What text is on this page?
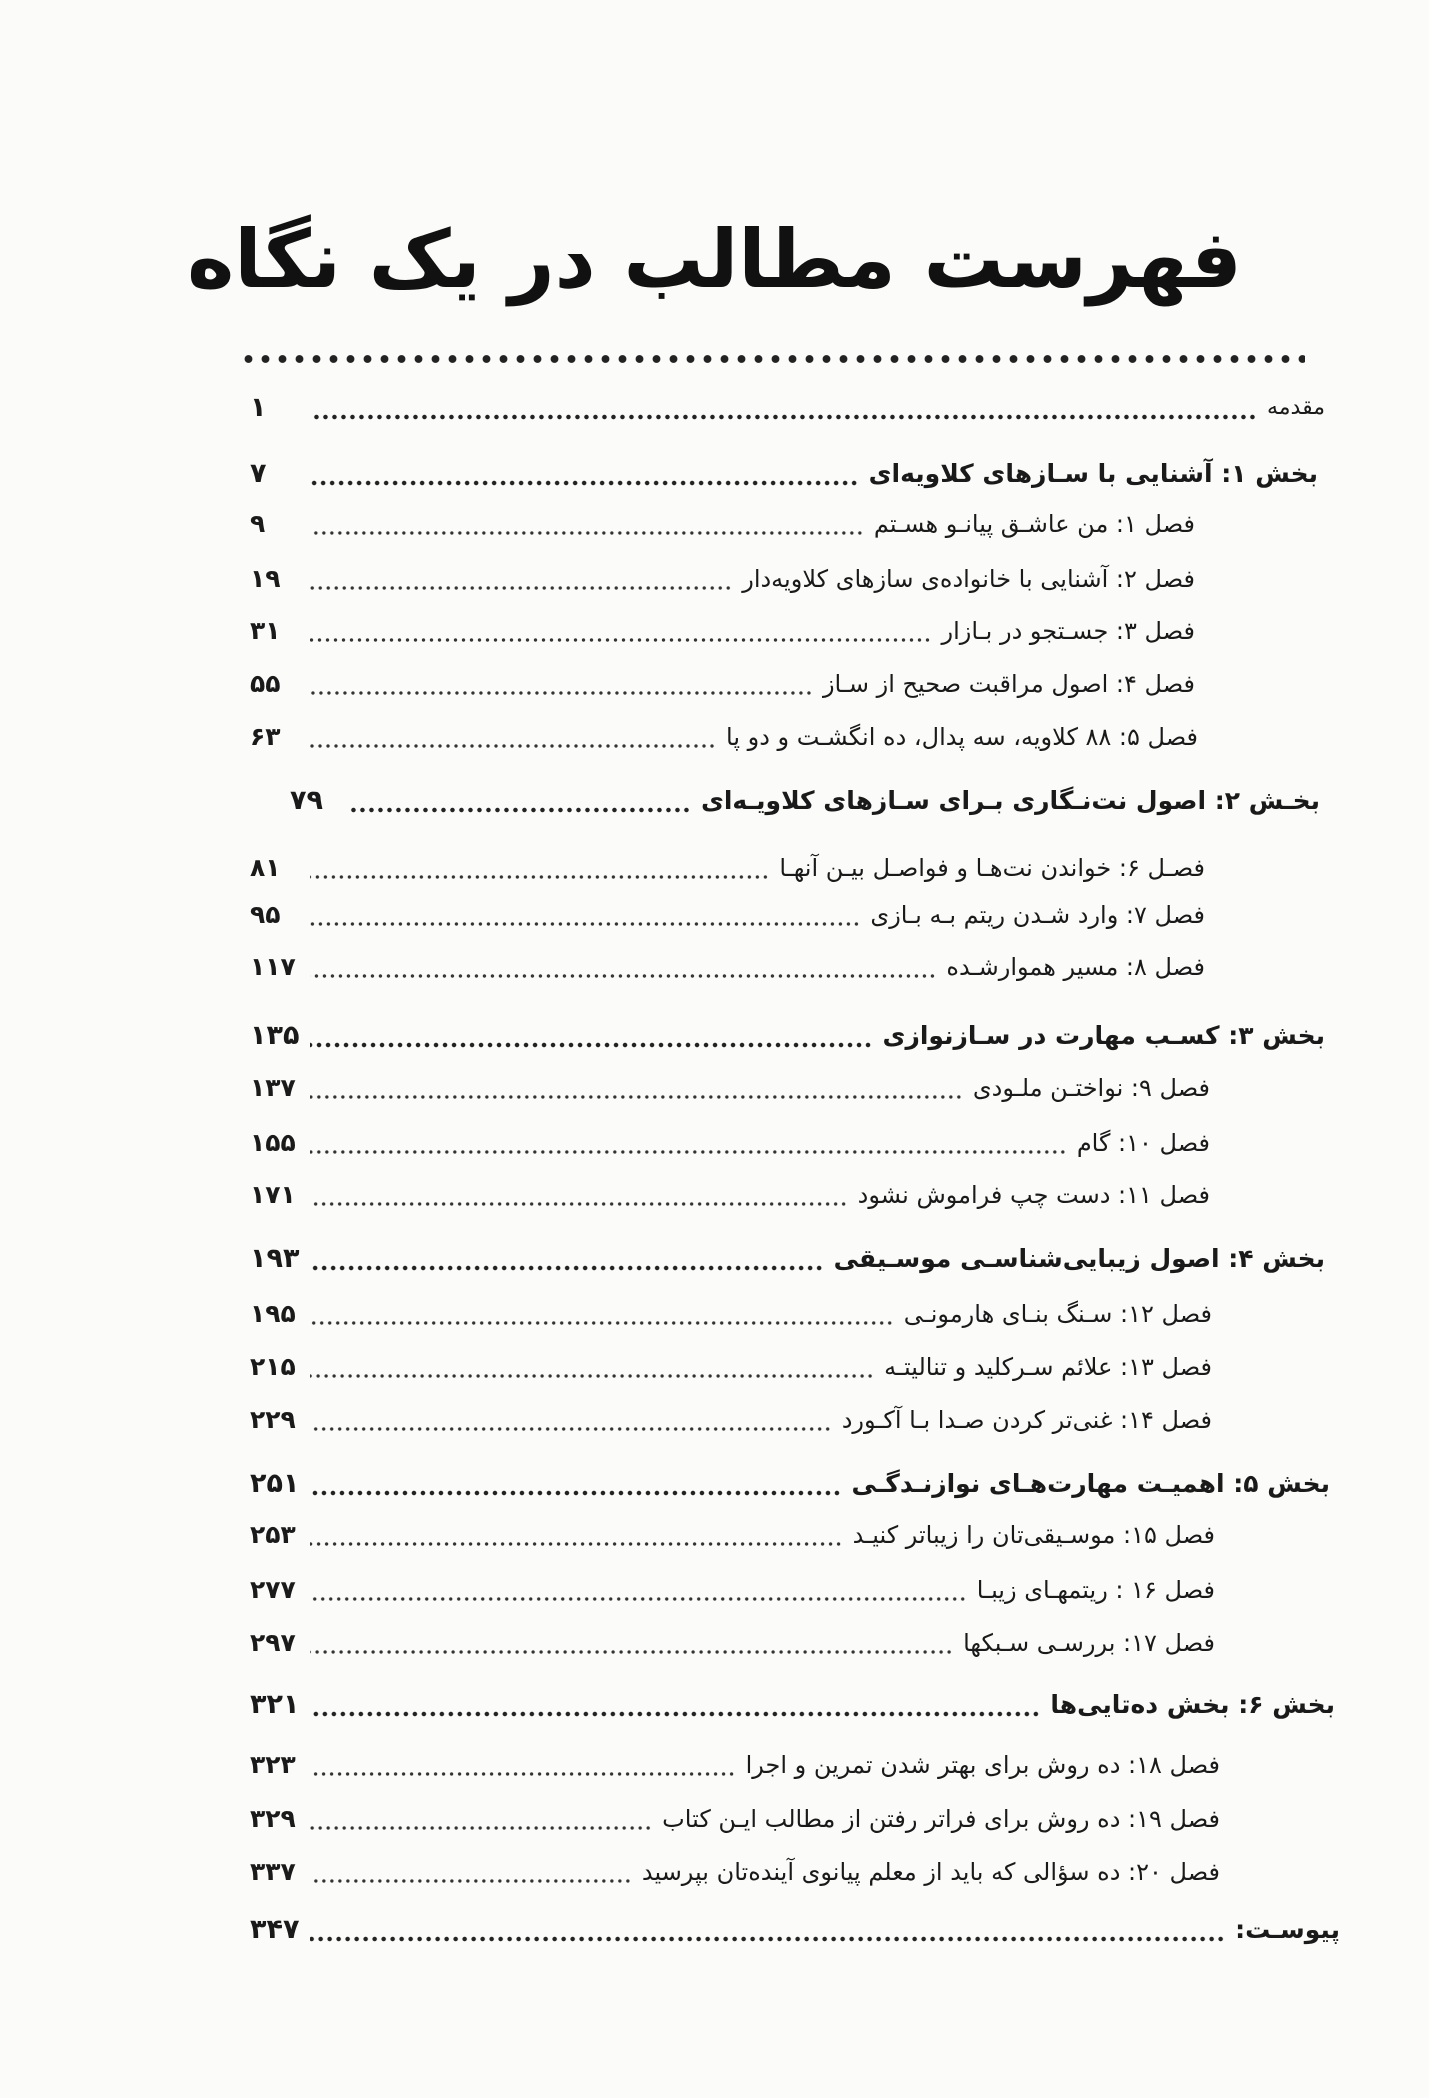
فهرست مطالب در یک نگاه
مقدمه
۱
بخش ۱: آشنایی با سـازهای کلاویه‌ای
۷
فصل ۱: من عاشـق پیانـو هسـتم
۹
فصل ۲: آشنایی با خانواده‌ی سازهای کلاویه‌دار
۱۹
فصل ۳: جسـتجو در بـازار
۳۱
فصل ۴: اصول مراقبت صحیح از سـاز
۵۵
فصل ۵: ۸۸ کلاویه، سه پدال، ده انگشـت و دو پا
۶۳
بخـش ۲: اصول نت‌نـگاری بـرای سـازهای کلاویـه‌ای
۷۹
فصـل ۶: خواندن نت‌هـا و فواصـل بیـن آنهـا
۸۱
فصل ۷: وارد شـدن ریتم بـه بـازی
۹۵
فصل ۸: مسیر هموارشـده
۱۱۷
بخش ۳: کسـب مهارت در سـازنوازی
۱۳۵
فصل ۹: نواختـن ملـودی
۱۳۷
فصل ۱۰: گام
۱۵۵
فصل ۱۱: دست چپ فراموش نشود
۱۷۱
بخش ۴: اصول زیبایی‌شناسـی موسـیقی
۱۹۳
فصل ۱۲: سـنگ بنـای هارمونـی
۱۹۵
فصل ۱۳: علائم سـرکلید و تنالیتـه
۲۱۵
فصل ۱۴: غنی‌تر کردن صـدا بـا آکـورد
۲۲۹
بخش ۵: اهمیـت مهارت‌هـای نوازنـدگـی
۲۵۱
فصل ۱۵: موسـیقی‌تان را زیباتر کنیـد
۲۵۳
فصل ۱۶ : ریتمهـای زیبـا
۲۷۷
فصل ۱۷: بررسـی سـبکها
۲۹۷
بخش ۶: بخش ده‌تایی‌ها
۳۲۱
فصل ۱۸: ده روش برای بهتر شدن تمرین و اجرا
۳۲۳
فصل ۱۹: ده روش برای فراتر رفتن از مطالب ایـن کتاب
۳۲۹
فصل ۲۰: ده سؤالی که باید از معلم پیانوی آینده‌تان بپرسید
۳۳۷
پیوسـت:
۳۴۷
